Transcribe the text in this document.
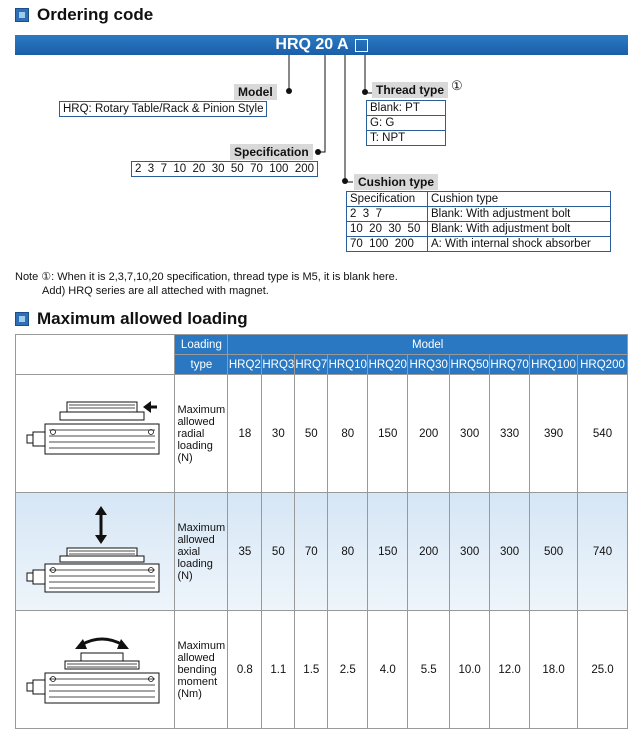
Ordering code
HRQ 20 A
Model
HRQ: Rotary Table/Rack & Pinion Style
Specification
2  3  7  10  20  30  50  70  100  200
Thread type ①
Blank: PT
G: G
T: NPT
Cushion type
Specification	Cushion type
2  3  7	Blank: With adjustment bolt
10  20  30  50	Blank: With adjustment bolt
70  100  200	A: With internal shock absorber
Note ①: When it is 2,3,7,10,20 specification, thread type is M5, it is blank here.
Add) HRQ series are all atteched with magnet.
Maximum allowed loading
	Loading	Model									
	type	HRQ2	HRQ3	HRQ7	HRQ10	HRQ20	HRQ30	HRQ50	HRQ70	HRQ100	HRQ200
	Maximum
allowed
radial
loading
(N)	18	30	50	80	150	200	300	330	390	540
	Maximum
allowed
axial
loading
(N)	35	50	70	80	150	200	300	300	500	740
	Maximum
allowed
bending
moment
(Nm)	0.8	1.1	1.5	2.5	4.0	5.5	10.0	12.0	18.0	25.0
